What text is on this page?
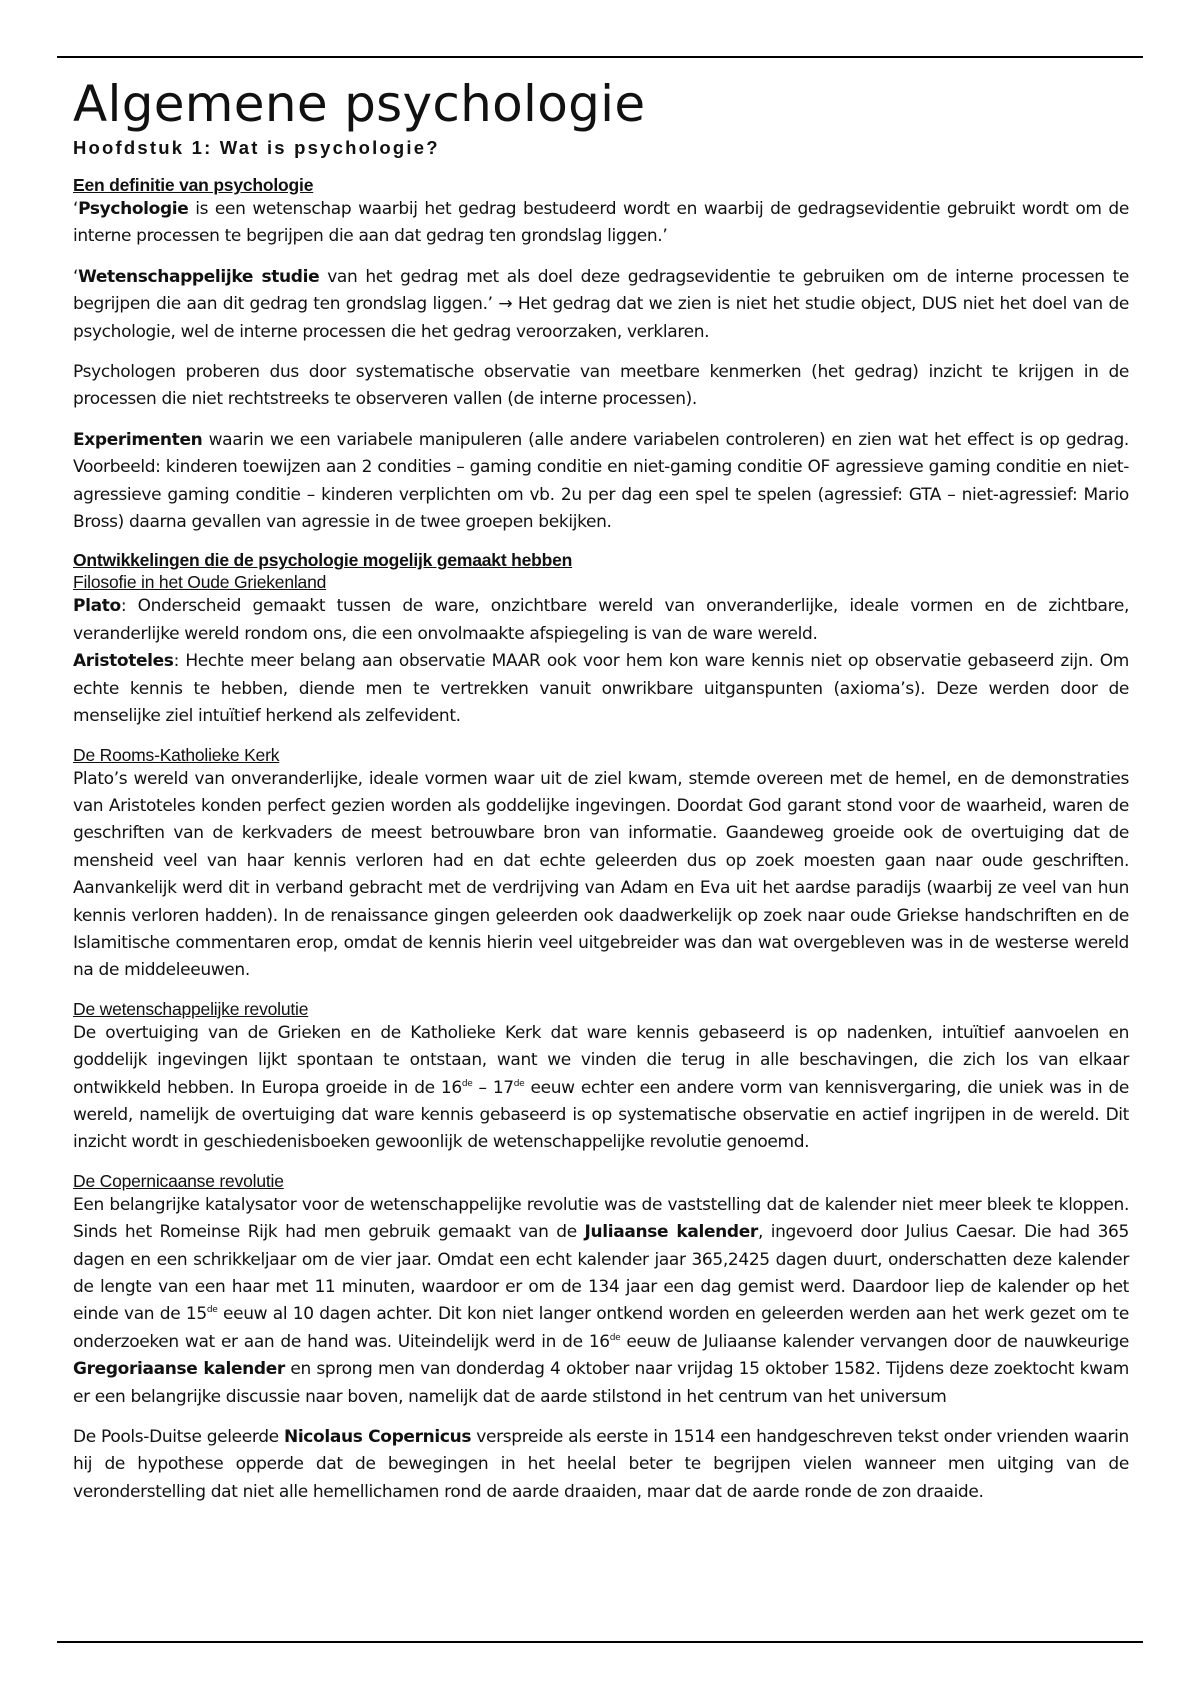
Algemene psychologie
Hoofdstuk 1: Wat is psychologie?
Een definitie van psychologie

‘Psychologie is een wetenschap waarbij het gedrag bestudeerd wordt en waarbij de gedragsevidentie gebruikt wordt om de interne processen te begrijpen die aan dat gedrag ten grondslag liggen.’

‘Wetenschappelijke studie van het gedrag met als doel deze gedragsevidentie te gebruiken om de interne processen te begrijpen die aan dit gedrag ten grondslag liggen.’ → Het gedrag dat we zien is niet het studie object, DUS niet het doel van de psychologie, wel de interne processen die het gedrag veroorzaken, verklaren.

Psychologen proberen dus door systematische observatie van meetbare kenmerken (het gedrag) inzicht te krijgen in de processen die niet rechtstreeks te observeren vallen (de interne processen).

Experimenten waarin we een variabele manipuleren (alle andere variabelen controleren) en zien wat het effect is op gedrag. Voorbeeld: kinderen toewijzen aan 2 condities – gaming conditie en niet-gaming conditie OF agressieve gaming conditie en niet-agressieve gaming conditie – kinderen verplichten om vb. 2u per dag een spel te spelen (agressief: GTA – niet-agressief: Mario Bross) daarna gevallen van agressie in de twee groepen bekijken.

Ontwikkelingen die de psychologie mogelijk gemaakt hebben
Filosofie in het Oude Griekenland

Plato: Onderscheid gemaakt tussen de ware, onzichtbare wereld van onveranderlijke, ideale vormen en de zichtbare, veranderlijke wereld rondom ons, die een onvolmaakte afspiegeling is van de ware wereld.

Aristoteles: Hechte meer belang aan observatie MAAR ook voor hem kon ware kennis niet op observatie gebaseerd zijn. Om echte kennis te hebben, diende men te vertrekken vanuit onwrikbare uitganspunten (axioma’s). Deze werden door de menselijke ziel intuïtief herkend als zelfevident.

De Rooms-Katholieke Kerk

Plato’s wereld van onveranderlijke, ideale vormen waar uit de ziel kwam, stemde overeen met de hemel, en de demonstraties van Aristoteles konden perfect gezien worden als goddelijke ingevingen. Doordat God garant stond voor de waarheid, waren de geschriften van de kerkvaders de meest betrouwbare bron van informatie. Gaandeweg groeide ook de overtuiging dat de mensheid veel van haar kennis verloren had en dat echte geleerden dus op zoek moesten gaan naar oude geschriften. Aanvankelijk werd dit in verband gebracht met de verdrijving van Adam en Eva uit het aardse paradijs (waarbij ze veel van hun kennis verloren hadden). In de renaissance gingen geleerden ook daadwerkelijk op zoek naar oude Griekse handschriften en de Islamitische commentaren erop, omdat de kennis hierin veel uitgebreider was dan wat overgebleven was in de westerse wereld na de middeleeuwen.

De wetenschappelijke revolutie

De overtuiging van de Grieken en de Katholieke Kerk dat ware kennis gebaseerd is op nadenken, intuïtief aanvoelen en goddelijk ingevingen lijkt spontaan te ontstaan, want we vinden die terug in alle beschavingen, die zich los van elkaar ontwikkeld hebben. In Europa groeide in de 16de – 17de eeuw echter een andere vorm van kennisvergaring, die uniek was in de wereld, namelijk de overtuiging dat ware kennis gebaseerd is op systematische observatie en actief ingrijpen in de wereld. Dit inzicht wordt in geschiedenisboeken gewoonlijk de wetenschappelijke revolutie genoemd.

De Copernicaanse revolutie

Een belangrijke katalysator voor de wetenschappelijke revolutie was de vaststelling dat de kalender niet meer bleek te kloppen. Sinds het Romeinse Rijk had men gebruik gemaakt van de Juliaanse kalender, ingevoerd door Julius Caesar. Die had 365 dagen en een schrikkeljaar om de vier jaar. Omdat een echt kalender jaar 365,2425 dagen duurt, onderschatten deze kalender de lengte van een haar met 11 minuten, waardoor er om de 134 jaar een dag gemist werd. Daardoor liep de kalender op het einde van de 15de eeuw al 10 dagen achter. Dit kon niet langer ontkend worden en geleerden werden aan het werk gezet om te onderzoeken wat er aan de hand was. Uiteindelijk werd in de 16de eeuw de Juliaanse kalender vervangen door de nauwkeurige Gregoriaanse kalender en sprong men van donderdag 4 oktober naar vrijdag 15 oktober 1582. Tijdens deze zoektocht kwam er een belangrijke discussie naar boven, namelijk dat de aarde stilstond in het centrum van het universum

De Pools-Duitse geleerde Nicolaus Copernicus verspreide als eerste in 1514 een handgeschreven tekst onder vrienden waarin hij de hypothese opperde dat de bewegingen in het heelal beter te begrijpen vielen wanneer men uitging van de veronderstelling dat niet alle hemellichamen rond de aarde draaiden, maar dat de aarde ronde de zon draaide.
